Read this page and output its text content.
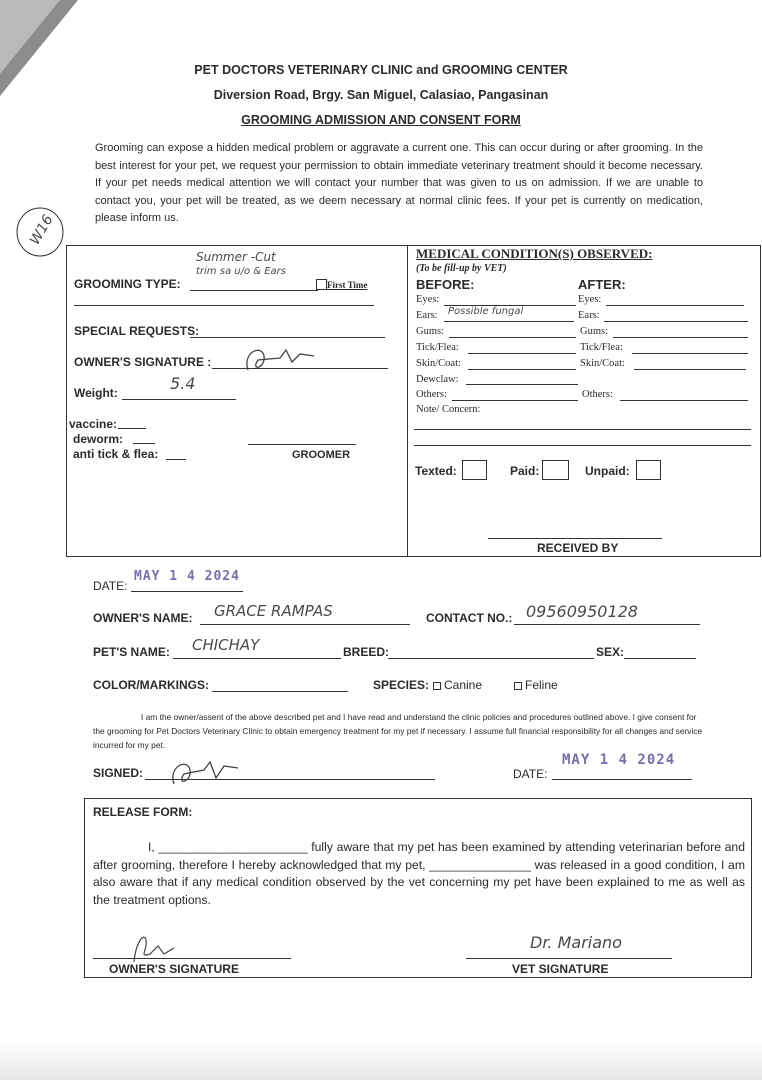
PET DOCTORS VETERINARY CLINIC and GROOMING CENTER
Diversion Road, Brgy. San Miguel, Calasiao, Pangasinan
GROOMING ADMISSION AND CONSENT FORM
Grooming can expose a hidden medical problem or aggravate a current one. This can occur during or after grooming. In the best interest for your pet, we request your permission to obtain immediate veterinary treatment should it become necessary. If your pet needs medical attention we will contact your number that was given to us on admission. If we are unable to contact you, your pet will be treated, as we deem necessary at normal clinic fees. If your pet is currently on medication, please inform us.
W16
Summer -Cut
trim sa u/o & Ears
GROOMING TYPE:	First Time
SPECIAL REQUESTS:
OWNER'S SIGNATURE :
Weight:	5.4
vaccine:
deworm:
anti tick & flea:	GROOMER
MEDICAL CONDITION(S) OBSERVED:
(To be fill-up by VET)
BEFORE:	AFTER:
Eyes:	Eyes:
Ears: Possible fungal	Ears:
Gums:	Gums:
Tick/Flea:	Tick/Flea:
Skin/Coat:	Skin/Coat:
Dewclaw:
Others:	Others:
Note/ Concern:
Texted:	Paid:	Unpaid:
RECEIVED BY
DATE:
MAY 1 4 2024
OWNER'S NAME: GRACE RAMPAS	CONTACT NO.: 09560950128
PET'S NAME: CHICHAY	BREED:	SEX:
COLOR/MARKINGS:	SPECIES:	Canine	Feline
I am the owner/assent of the above described pet and I have read and understand the clinic policies and procedures outlined above. I give consent for the grooming for Pet Doctors Veterinary Clinic to obtain emergency treatment for my pet if necessary. I assume full financial responsibility for all changes and service incurred for my pet.
SIGNED:	DATE:
MAY 1 4 2024
RELEASE FORM:
I, ______________________ fully aware that my pet has been examined by attending veterinarian before and after grooming, therefore I hereby acknowledged that my pet, _______________ was released in a good condition, I am also aware that if any medical condition observed by the vet concerning my pet have been explained to me as well as the treatment options.
OWNER'S SIGNATURE
Dr. Mariano
VET SIGNATURE
